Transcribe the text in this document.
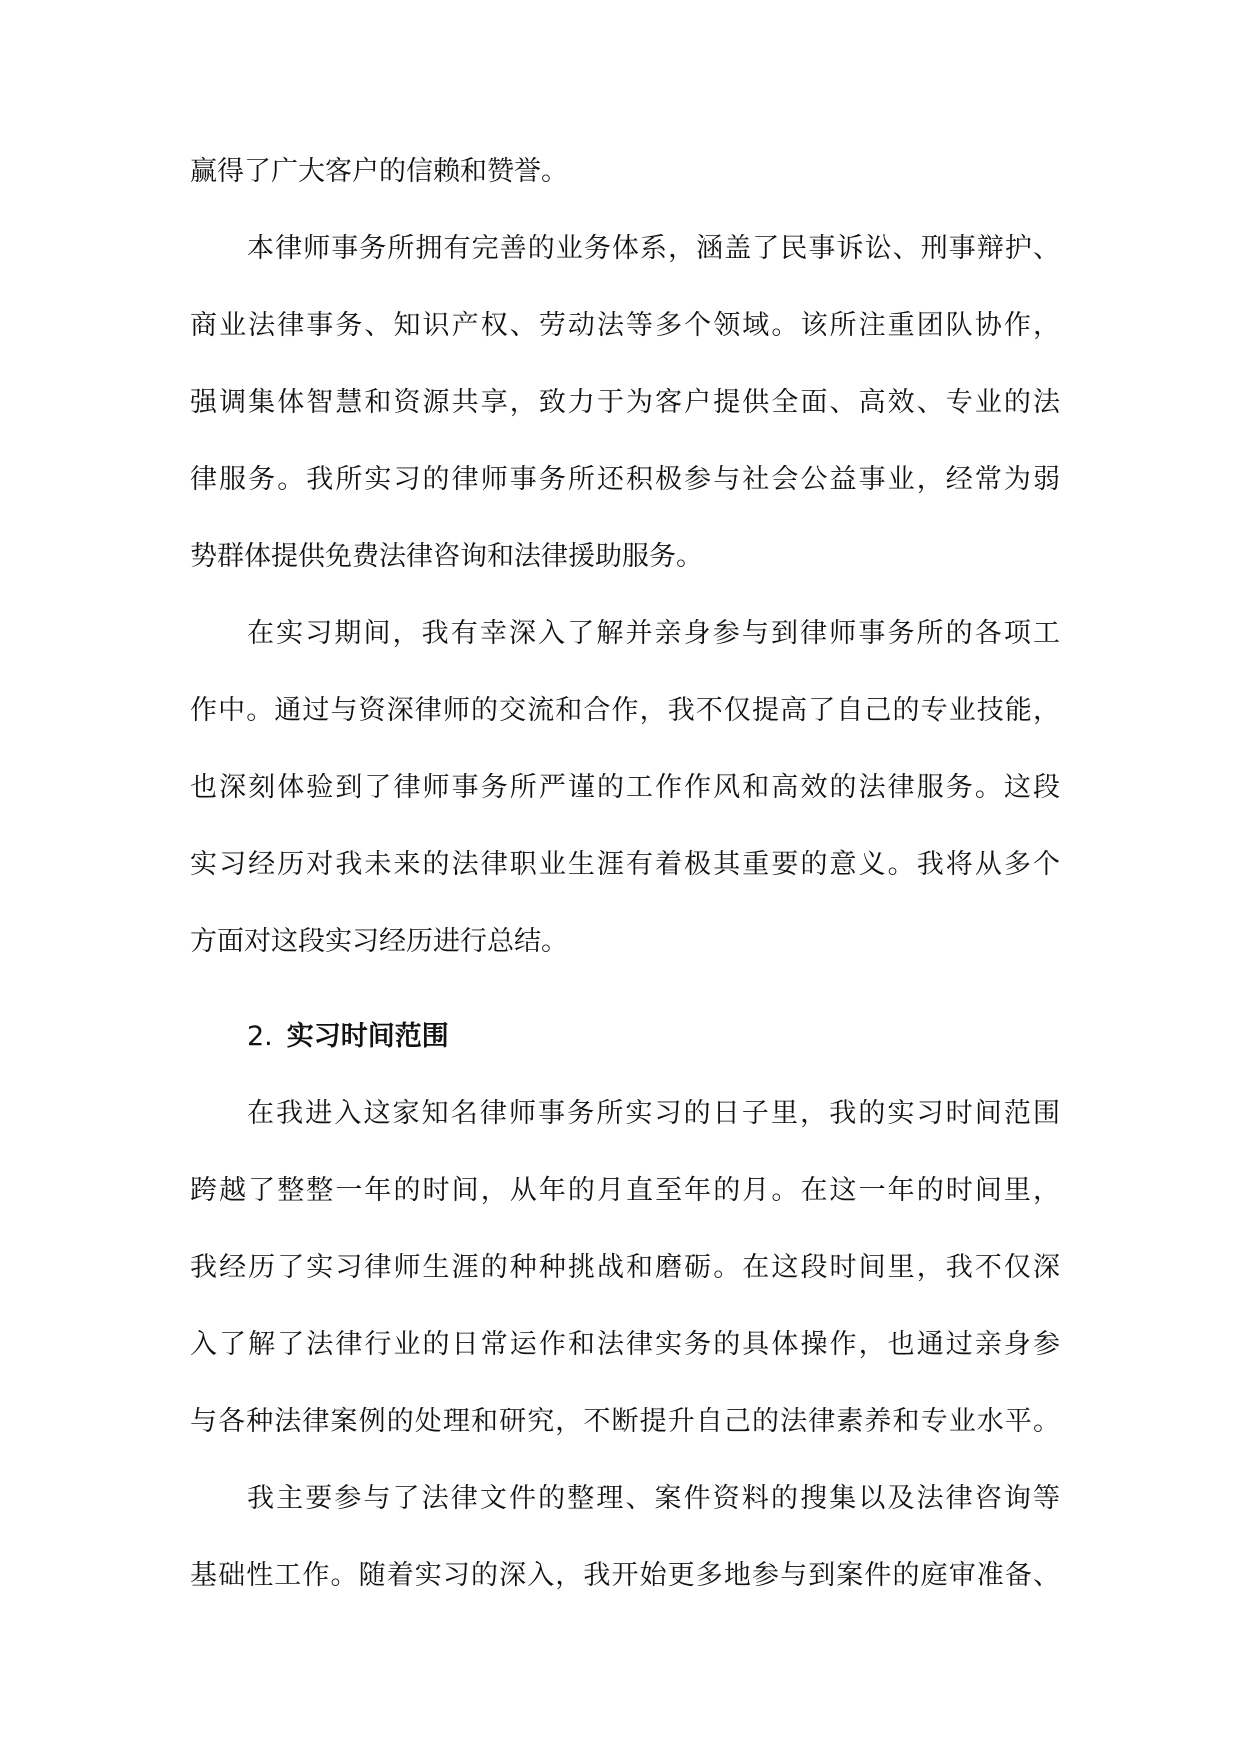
赢得了广大客户的信赖和赞誉。
本律师事务所拥有完善的业务体系，涵盖了民事诉讼、刑事辩护、
商业法律事务、知识产权、劳动法等多个领域。该所注重团队协作，
强调集体智慧和资源共享，致力于为客户提供全面、高效、专业的法
律服务。我所实习的律师事务所还积极参与社会公益事业，经常为弱
势群体提供免费法律咨询和法律援助服务。
在实习期间，我有幸深入了解并亲身参与到律师事务所的各项工
作中。通过与资深律师的交流和合作，我不仅提高了自己的专业技能，
也深刻体验到了律师事务所严谨的工作作风和高效的法律服务。这段
实习经历对我未来的法律职业生涯有着极其重要的意义。我将从多个
方面对这段实习经历进行总结。
2. 实习时间范围
在我进入这家知名律师事务所实习的日子里，我的实习时间范围
跨越了整整一年的时间，从年的月直至年的月。在这一年的时间里，
我经历了实习律师生涯的种种挑战和磨砺。在这段时间里，我不仅深
入了解了法律行业的日常运作和法律实务的具体操作，也通过亲身参
与各种法律案例的处理和研究，不断提升自己的法律素养和专业水平。
我主要参与了法律文件的整理、案件资料的搜集以及法律咨询等
基础性工作。随着实习的深入，我开始更多地参与到案件的庭审准备、
